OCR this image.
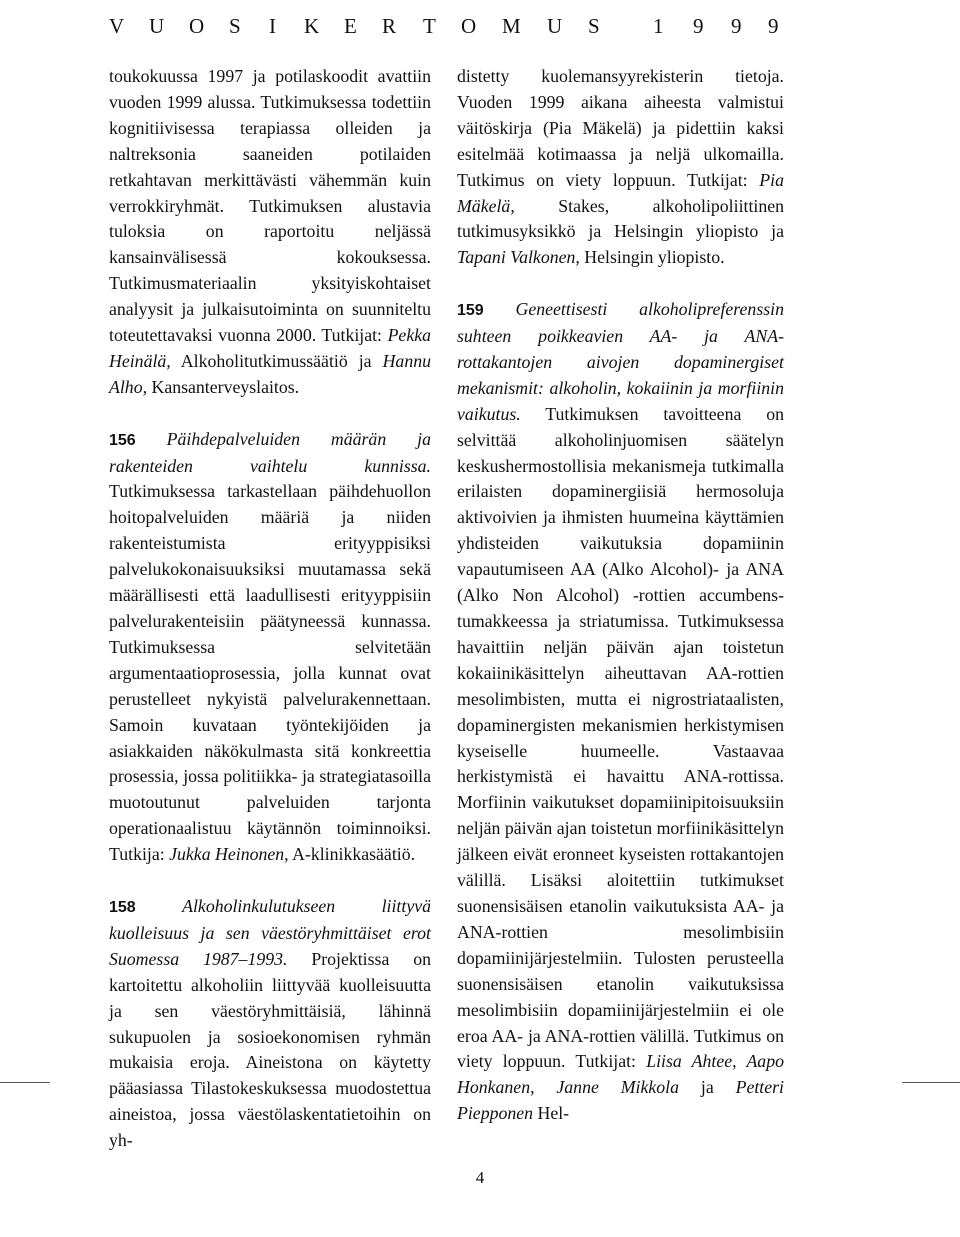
V U O S I K E R T O M U S	1 9 9 9

toukokuussa 1997 ja potilaskoodit avattiin vuoden 1999 alussa. Tutkimuksessa todettiin kognitiivisessa terapiassa olleiden ja naltreksonia saaneiden potilaiden retkahtavan merkittävästi vähemmän kuin verrokkiryhmät. Tutkimuksen alustavia tuloksia on raportoitu neljässä kansainvälisessä kokouksessa. Tutkimusmateriaalin yksityiskohtaiset analyysit ja julkaisutoiminta on suunniteltu toteutettavaksi vuonna 2000. Tutkijat: Pekka Heinälä, Alkoholitutkimussäätiö ja Hannu Alho, Kansanterveyslaitos.

156 Päihdepalveluiden määrän ja rakenteiden vaihtelu kunnissa. Tutkimuksessa tarkastellaan päihdehuollon hoitopalveluiden määriä ja niiden rakenteistumista erityyppisiksi palvelukokonaisuuksiksi muutamassa sekä määrällisesti että laadullisesti erityyppisiin palvelurakenteisiin päätyneessä kunnassa. Tutkimuksessa selvitetään argumentaatioprosessia, jolla kunnat ovat perustelleet nykyistä palvelurakennettaan. Samoin kuvataan työntekijöiden ja asiakkaiden näkökulmasta sitä konkreettia prosessia, jossa politiikka- ja strategiatasoilla muotoutunut palveluiden tarjonta operationaalistuu käytännön toiminnoiksi. Tutkija: Jukka Heinonen, A-klinikkasäätiö.

158	Alkoholinkulutukseen liittyvä kuolleisuus ja sen väestöryhmittäiset erot Suomessa 1987–1993. Projektissa on kartoitettu alkoholiin liittyvää kuolleisuutta ja sen väestöryhmittäisiä, lähinnä sukupuolen ja sosioekonomisen ryhmän mukaisia eroja. Aineistona on käytetty pääasiassa Tilastokeskuksessa muodostettua aineistoa, jossa väestölaskentatietoihin on yh-

distetty kuolemansyyrekisterin tietoja. Vuoden 1999 aikana aiheesta valmistui väitöskirja (Pia Mäkelä) ja pidettiin kaksi esitelmää kotimaassa ja neljä ulkomailla. Tutkimus on viety loppuun. Tutkijat: Pia Mäkelä, Stakes, alkoholipoliittinen tutkimusyksikkö ja Helsingin yliopisto ja Tapani Valkonen, Helsingin yliopisto.

159 Geneettisesti alkoholipreferenssin suhteen poikkeavien AA- ja ANA- rottakantojen aivojen dopaminergiset mekanismit: alkoholin, kokaiinin ja morfiinin vaikutus. Tutkimuksen tavoitteena on selvittää alkoholinjuomisen säätelyn keskushermostollisia mekanismeja tutkimalla erilaisten dopaminergiisiä hermosoluja aktivoivien ja ihmisten huumeina käyttämien yhdisteiden vaikutuksia dopamiinin vapautumiseen AA (Alko Alcohol)- ja ANA (Alko Non Alcohol) -rottien accumbens-tumakkeessa ja striatumissa. Tutkimuksessa havaittiin neljän päivän ajan toistetun kokaiinikäsittelyn aiheuttavan AA-rottien mesolimbisten, mutta ei nigrostriataalisten, dopaminergisten mekanismien herkistymisen kyseiselle huumeelle. Vastaavaa herkistymistä ei havaittu ANA-rottissa. Morfiinin vaikutukset dopamiinipitoisuuksiin neljän päivän ajan toistetun morfiinikäsittelyn jälkeen eivät eronneet kyseisten rottakantojen välillä. Lisäksi aloitettiin tutkimukset suonensisäisen etanolin vaikutuksista AA- ja ANA-rottien mesolimbisiin dopamiinijärjestelmiin. Tulosten perusteella suonensisäisen etanolin vaikutuksissa mesolimbisiin dopamiinijärjestelmiin ei ole eroa AA- ja ANA-rottien välillä. Tutkimus on viety loppuun. Tutkijat: Liisa Ahtee, Aapo Honkanen, Janne Mikkola ja Petteri Piepponen Hel-

4
